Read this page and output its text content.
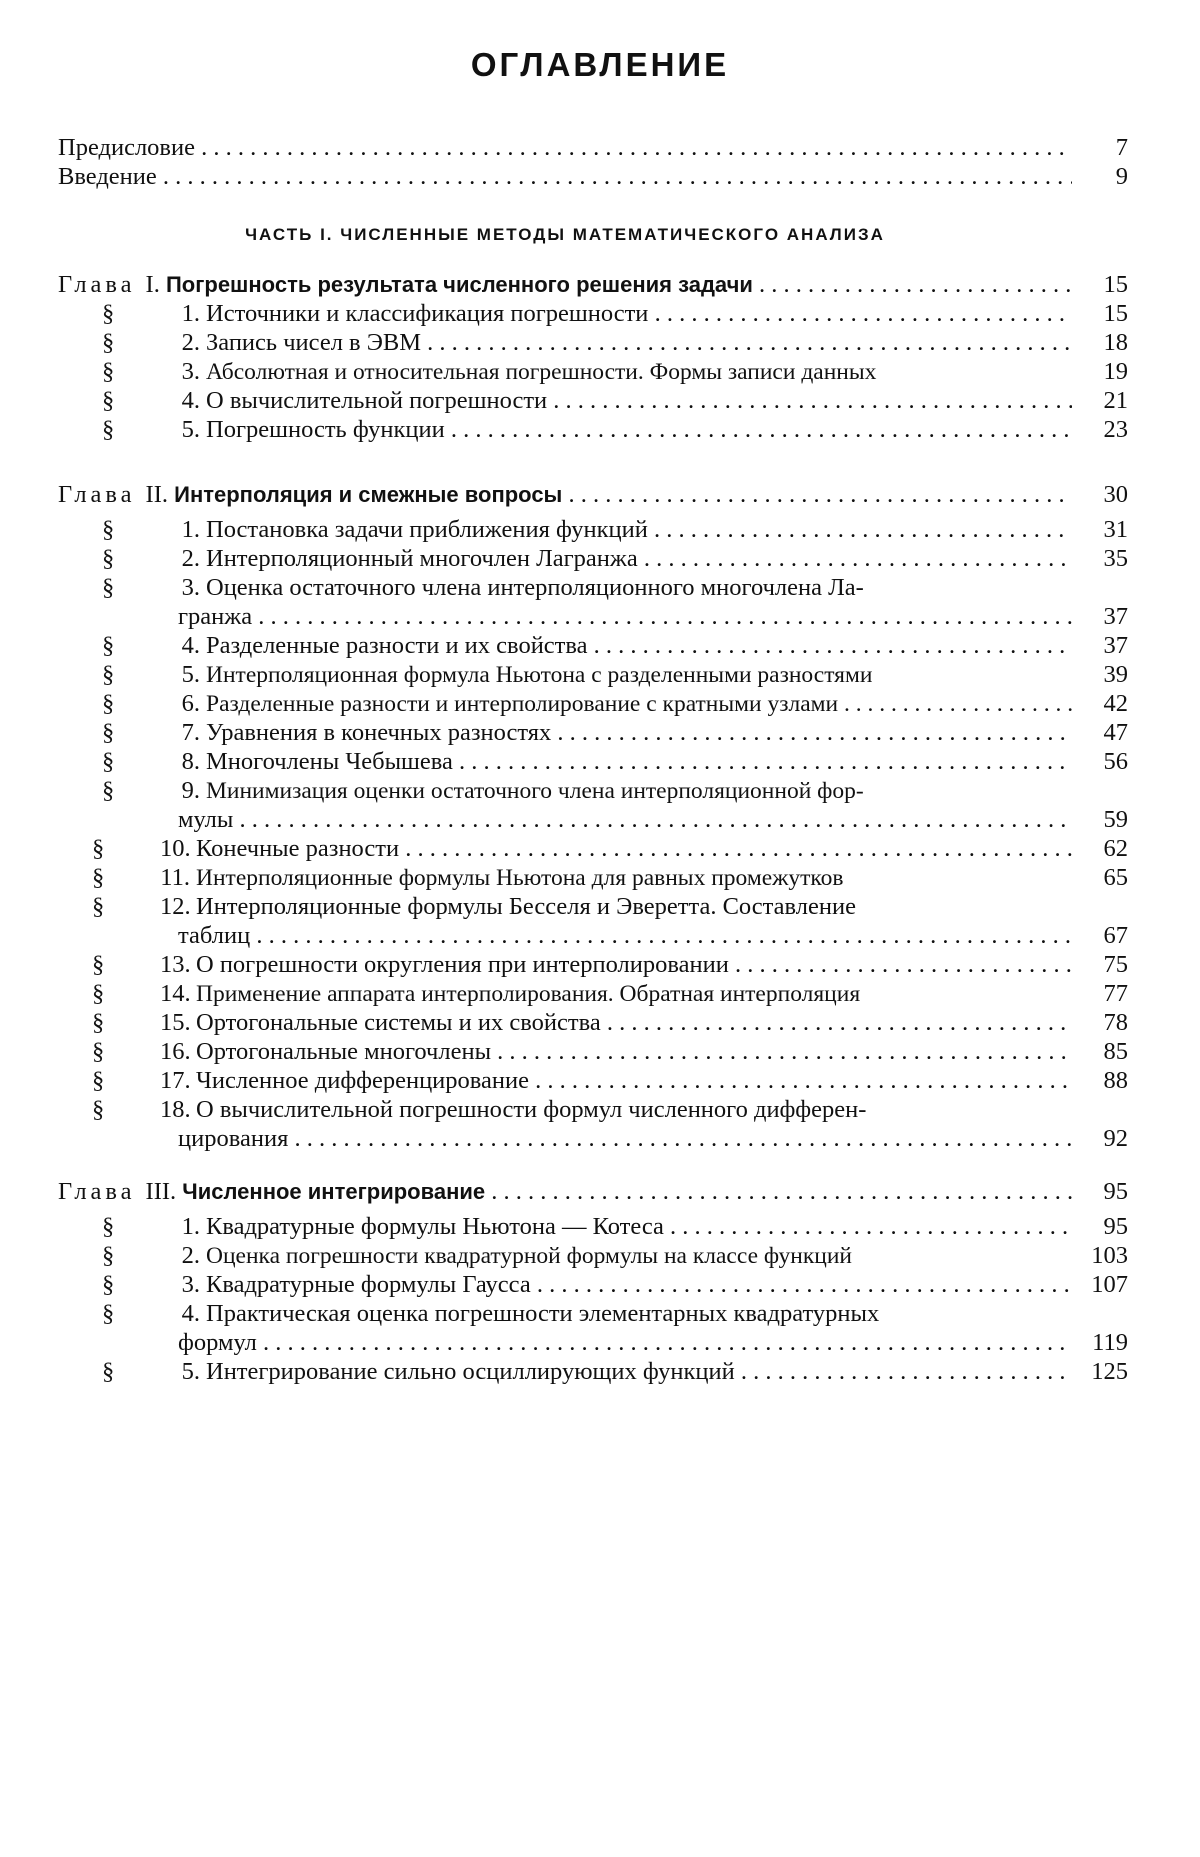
ОГЛАВЛЕНИЕ
Предисловие . . .	7
Введение . . .	9
ЧАСТЬ I. ЧИСЛЕННЫЕ МЕТОДЫ МАТЕМАТИЧЕСКОГО АНАЛИЗА
Глава I. Погрешность результата численного решения задачи . . .	15
§	1. Источники и классификация погрешности . . .	15
§	2. Запись чисел в ЭВМ . . .	18
§	3. Абсолютная и относительная погрешности. Формы записи данных	19
§	4. О вычислительной погрешности . . .	21
§	5. Погрешность функции . . .	23
Глава II. Интерполяция и смежные вопросы . . .	30
§	1. Постановка задачи приближения функций . . .	31
§	2. Интерполяционный многочлен Лагранжа . . .	35
§	3. Оценка остаточного члена интерполяционного многочлена Ла-
гранжа . . .	37
§	4. Разделенные разности и их свойства . . .	37
§	5. Интерполяционная формула Ньютона с разделенными разностями	39
§	6. Разделенные разности и интерполирование с кратными узлами . . .	42
§	7. Уравнения в конечных разностях . . .	47
§	8. Многочлены Чебышева . . .	56
§	9. Минимизация оценки остаточного члена интерполяционной фор-
мулы . . .	59
§	10. Конечные разности . . .	62
§	11. Интерполяционные формулы Ньютона для равных промежутков	65
§	12. Интерполяционные формулы Бесселя и Эверетта. Составление
таблиц . . .	67
§	13. О погрешности округления при интерполировании . . .	75
§	14. Применение аппарата интерполирования. Обратная интерполяция	77
§	15. Ортогональные системы и их свойства . . .	78
§	16. Ортогональные многочлены . . .	85
§	17. Численное дифференцирование . . .	88
§	18. О вычислительной погрешности формул численного дифферен-
цирования . . .	92
Глава III. Численное интегрирование . . .	95
§	1. Квадратурные формулы Ньютона — Котеса . . .	95
§	2. Оценка погрешности квадратурной формулы на классе функций	103
§	3. Квадратурные формулы Гаусса . . .	107
§	4. Практическая оценка погрешности элементарных квадратурных
формул . . .	119
§	5. Интегрирование сильно осциллирующих функций . . .	125
